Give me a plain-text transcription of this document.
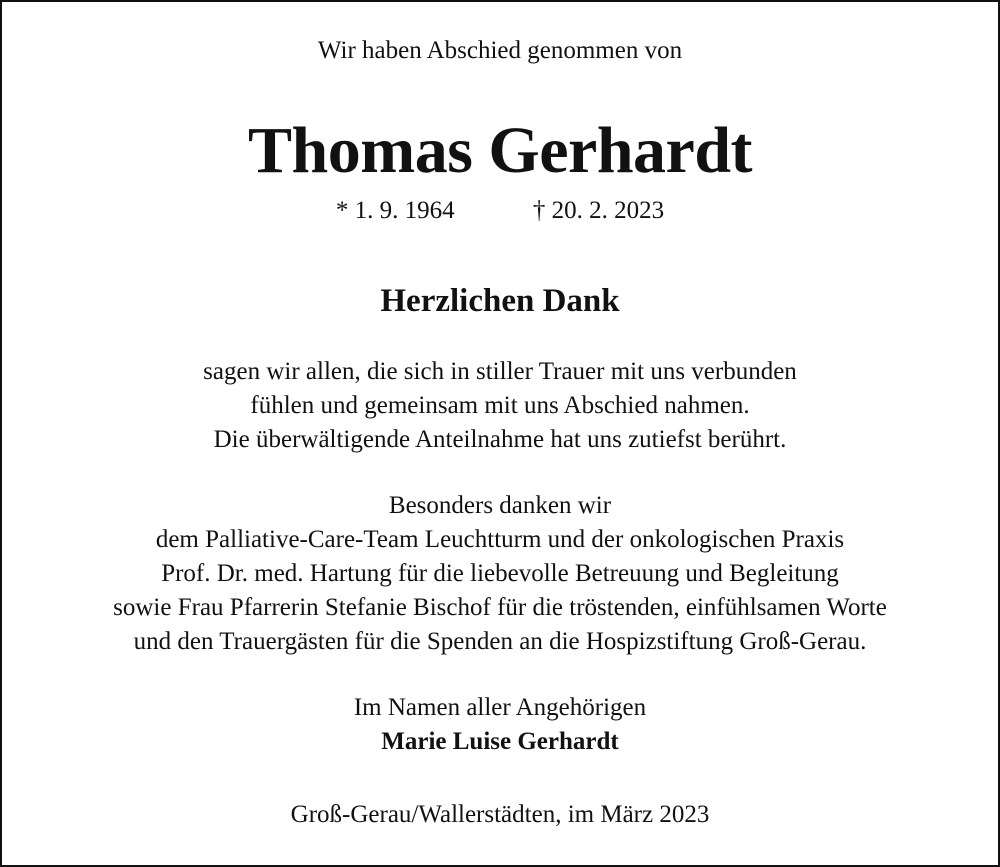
Wir haben Abschied genommen von
Thomas Gerhardt
* 1. 9. 1964	† 20. 2. 2023
Herzlichen Dank
sagen wir allen, die sich in stiller Trauer mit uns verbunden
fühlen und gemeinsam mit uns Abschied nahmen.
Die überwältigende Anteilnahme hat uns zutiefst berührt.
Besonders danken wir
dem Palliative-Care-Team Leuchtturm und der onkologischen Praxis
Prof. Dr. med. Hartung für die liebevolle Betreuung und Begleitung
sowie Frau Pfarrerin Stefanie Bischof für die tröstenden, einfühlsamen Worte
und den Trauergästen für die Spenden an die Hospizstiftung Groß-Gerau.
Im Namen aller Angehörigen
Marie Luise Gerhardt
Groß-Gerau/Wallerstädten, im März 2023
